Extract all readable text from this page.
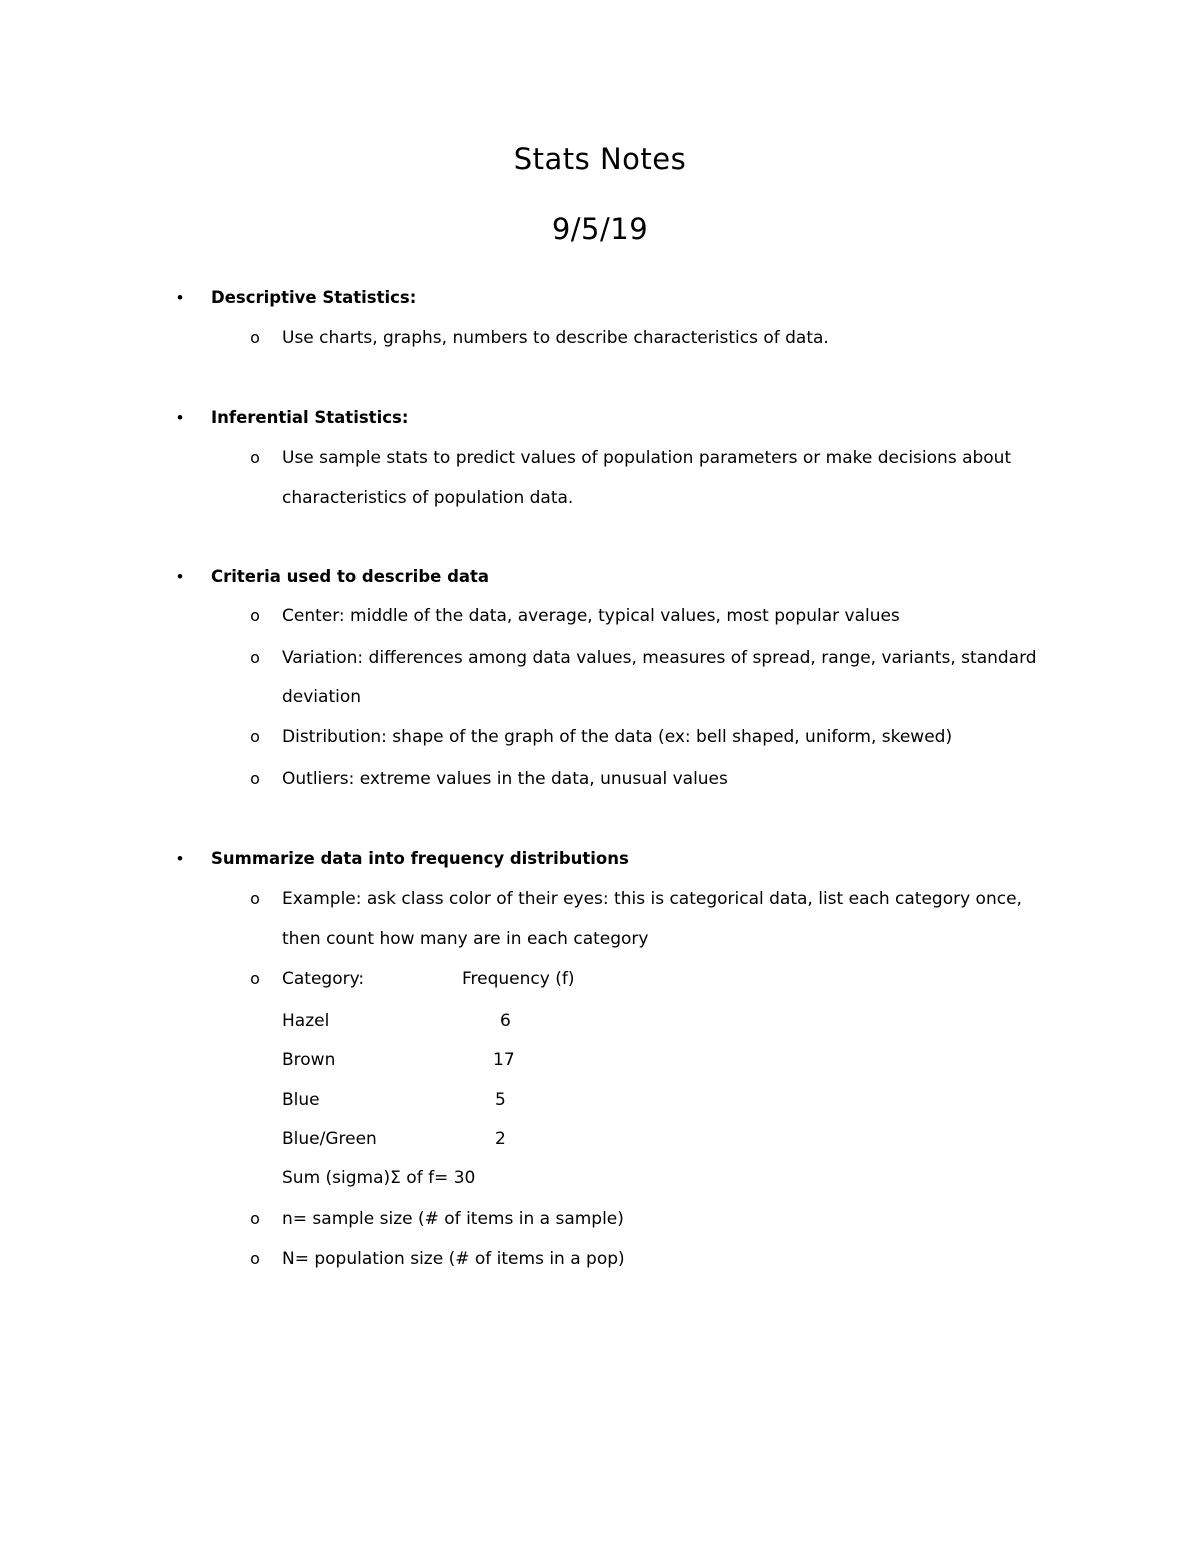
Stats Notes
9/5/19
• Descriptive Statistics:
o Use charts, graphs, numbers to describe characteristics of data.
• Inferential Statistics:
o Use sample stats to predict values of population parameters or make decisions about
characteristics of population data.
• Criteria used to describe data
o Center: middle of the data, average, typical values, most popular values
o Variation: differences among data values, measures of spread, range, variants, standard
deviation
o Distribution: shape of the graph of the data (ex: bell shaped, uniform, skewed)
o Outliers: extreme values in the data, unusual values
• Summarize data into frequency distributions
o Example: ask class color of their eyes: this is categorical data, list each category once,
then count how many are in each category
o Category:	Frequency (f)
Hazel	6
Brown	17
Blue	5
Blue/Green	2
Sum (sigma)Σ of f= 30
o n= sample size (# of items in a sample)
o N= population size (# of items in a pop)
